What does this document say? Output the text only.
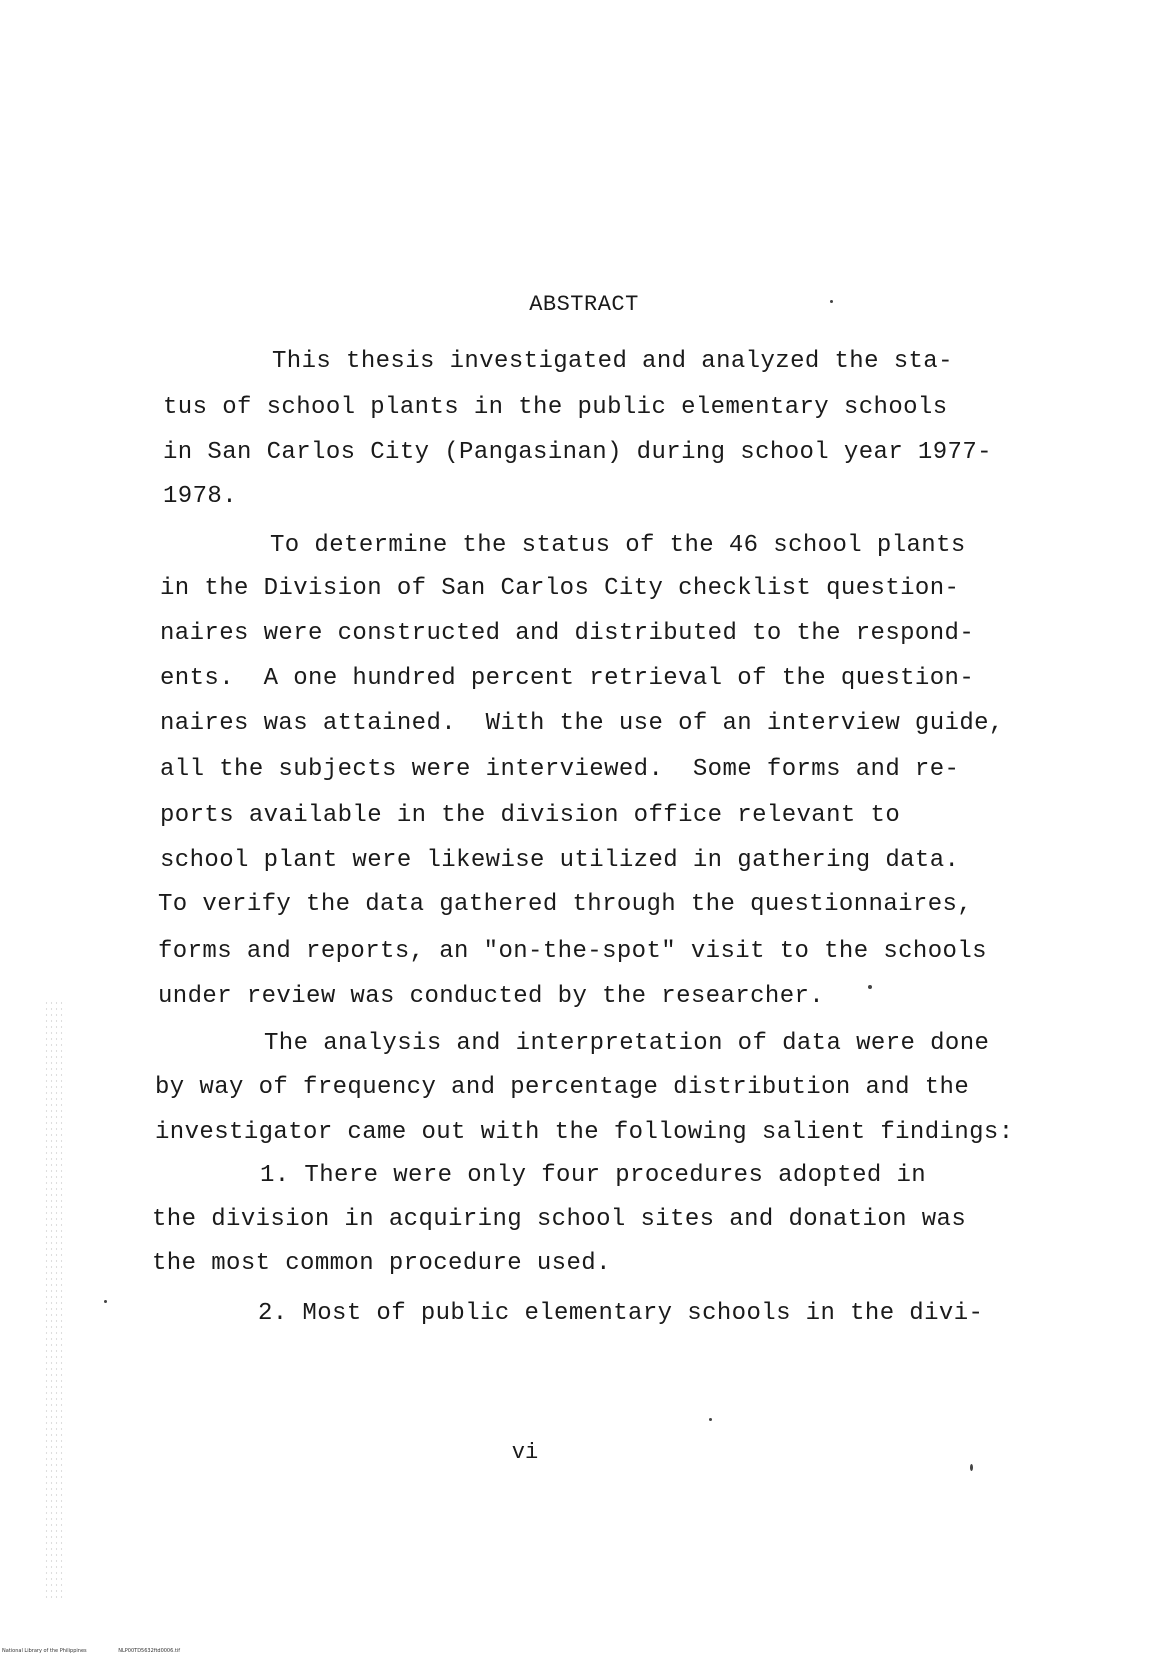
ABSTRACT
This thesis investigated and analyzed the sta-
tus of school plants in the public elementary schools
in San Carlos City (Pangasinan) during school year 1977-
1978.
To determine the status of the 46 school plants
in the Division of San Carlos City checklist question-
naires were constructed and distributed to the respond-
ents.  A one hundred percent retrieval of the question-
naires was attained.  With the use of an interview guide,
all the subjects were interviewed.  Some forms and re-
ports available in the division office relevant to
school plant were likewise utilized in gathering data.
To verify the data gathered through the questionnaires,
forms and reports, an "on-the-spot" visit to the schools
under review was conducted by the researcher.
The analysis and interpretation of data were done
by way of frequency and percentage distribution and the
investigator came out with the following salient findings:
1. There were only four procedures adopted in
the division in acquiring school sites and donation was
the most common procedure used.
2. Most of public elementary schools in the divi-
vi
National Library of the Philippines	NLP00TD5632ftd0006.tif
